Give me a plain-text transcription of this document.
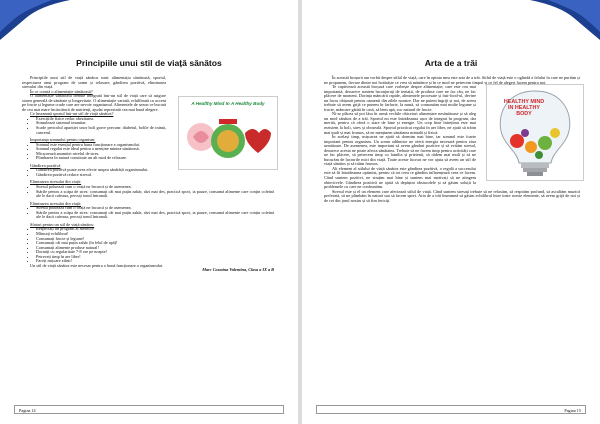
Principiile unui stil de viață sănătos
A Healthy Mind In A Healthy Body

Principiile unui stil de viață sănătos sunt: alimentația sănătoasă, sportul, respectarea unui program de somn și relaxare, gândirea pozitivă, eliminarea stresului din viață.

În ce constă o alimentație sănătoasă?

O alimentație sănătoasă trebuie integrată într-un stil de viață care să asigure starea generală de sănătate și longevitate. O alimentație variată, echilibrată cu accent pe fructe și legume crude care are nevoie organismul. Alimentele de sezon ce bucură de cea mai mare încărcătură de nutrienți, ajudat reprezintă cea mai bună alegere.

Ce înseamnă sportul într-un stil de viață sănătos?

• Exercițiile fizice reduc obezitatea.
• Stimulează sistemul imunitar.
• Scade pericolul apariției unor boli grave precum: diabetul, bolile de inimă, cancerul.

Importanța somnului pentru organism:

• Somnul este esențial pentru buna funcționare a organismului.
• Somnul regulat este ideal pentru a menține mintea sănătoasă.
• Micșorează anumitei nivelul de stres.
• Plimbarea în natură constituie un alt mod de relaxare.

Gândirea pozitivă

• Gândirea pozitivă poate avea efecte asupra sănătății organismului.
• Gândirea pozitivă reduce stresul.

Eliminarea stresului din viață:

• Stresul poluează cum o ceață ne încurcă și de asemenea.
• Stările pentru a scăpa de stres: consumați cât mai puțin zahăr, râzi mai des, practică sport, ia pauze, consumă alimente care conțin cofeină ale le dacă cafeaua, percuți tonul întrunali.

Eliminarea stresului din viață:

• Stresul poluează cum o ceață ne încurcă și de asemenea.
• Stările pentru a scăpa de stres: consumați cât mai puțin zahăr, râzi mai des, practică sport, ia pauze, consumă alimente care conțin cofeină ale le dacă cafeaua, percuți tonul întrunali.

Sfaturi pentru un stil de viață sănătos:

• Respectați un program al meselor!
• Mâncați echilibrat!
• Consumați fructe și legume!
• Consumați cât mai puțin zahăr (în felul de apă)!
• Consumați alimente produse natural!
• Dormiți cu regularitate 7-8 ore pe noapte!
• Petreceți timp în aer liber!
• Faceți mișcare zilnic!

Un stil de viață sănătos este necesar pentru o bună funcționare a organismului.

Marc Cosmina Valentina, Clasa a IX a B

Pagina 14
Arta de a trăi
HEALTHY MIND IN HEALTHY BODY

În această broșură am vorbit despre stilul de viață, care în opinia mea este arta de a trăi. Stilul de viață este o oglindă a felului în care ne purtăm și ne propunem, fiecare dintre noi hotărăște ce vrea să mănânce și în ce mod ne petrecem timpul și ce fel de alegeri facem pentru noi.

Te captivează această broșură care vorbește despre alimentație, care este cea mai importantă, deoarece suntem înconjurați de tentații, de produse care ne fac rău, ne fac plăcere de moment. Dorința mâncării rapide, alimentele procesate și fast-food-ul, devine un lucru obișnuit pentru oamenii din zilele noastre. Dar ne putem îngriji și noi, de aceea trebuie să avem grijă ce punem în farfurie, la masă, să consumăm mai multe legume și fructe, mâncare gătită în casă, să bem apă, suc natural de fructe.

Ni-ar plăcea să pot lăsa în urmă vechile obiceiuri alimentare nesănătoase și să aleg un mod sănătos de a trăi. Sportul nu este întotdeauna ușor de integrat în program, dar merită, pentru că oferă o stare de bine și energie. Un corp bine întreținut este mai rezistent la boli, stres și oboseală. Sportul practicat regulat în aer liber, ne ajută să trăim mai mult și mai frumos, să ne menținem sănătatea mintală și fizică.

În același timp, mișcarea ne ajută să dormim mai bine, iar somnul este foarte important pentru organism. Un somn odihnitor ne oferă energia necesară pentru ziua următoare. De asemenea, este important să avem gânduri pozitive și să evităm stresul, deoarece acesta ne poate afecta sănătatea. Trebuie să ne facem timp pentru activități care ne fac plăcere, să petrecem timp cu familia și prietenii, să râdem mai mult și să ne bucurăm de lucrurile mici din viață. Toate aceste lucruri ne vor ajuta să avem un stil de viață sănătos și să trăim frumos.

Alt element al stilului de viață sănătos este gândirea pozitivă, o regulă a succesului este să fii întotdeauna optimist, pentru că tot ceea ce gândim influențează ceea ce facem. Când suntem pozitivi, ne simțim mai bine și suntem mai motivați să ne atingem obiectivele. Gândirea pozitivă ne ajută să depășim obstacolele și să găsim soluții la problemele cu care ne confruntăm.

Stresul este și el un element care afectează stilul de viață. Când suntem stresați trebuie să ne relaxăm, să respirăm profund, să ascultăm muzică preferată, să ne plimbăm în natură sau să facem sport. Arta de a trăi înseamnă să găsim echilibrul între toate aceste elemente, să avem grijă de noi și de cei din jurul nostru și să fim fericiți.

Pagina 15
